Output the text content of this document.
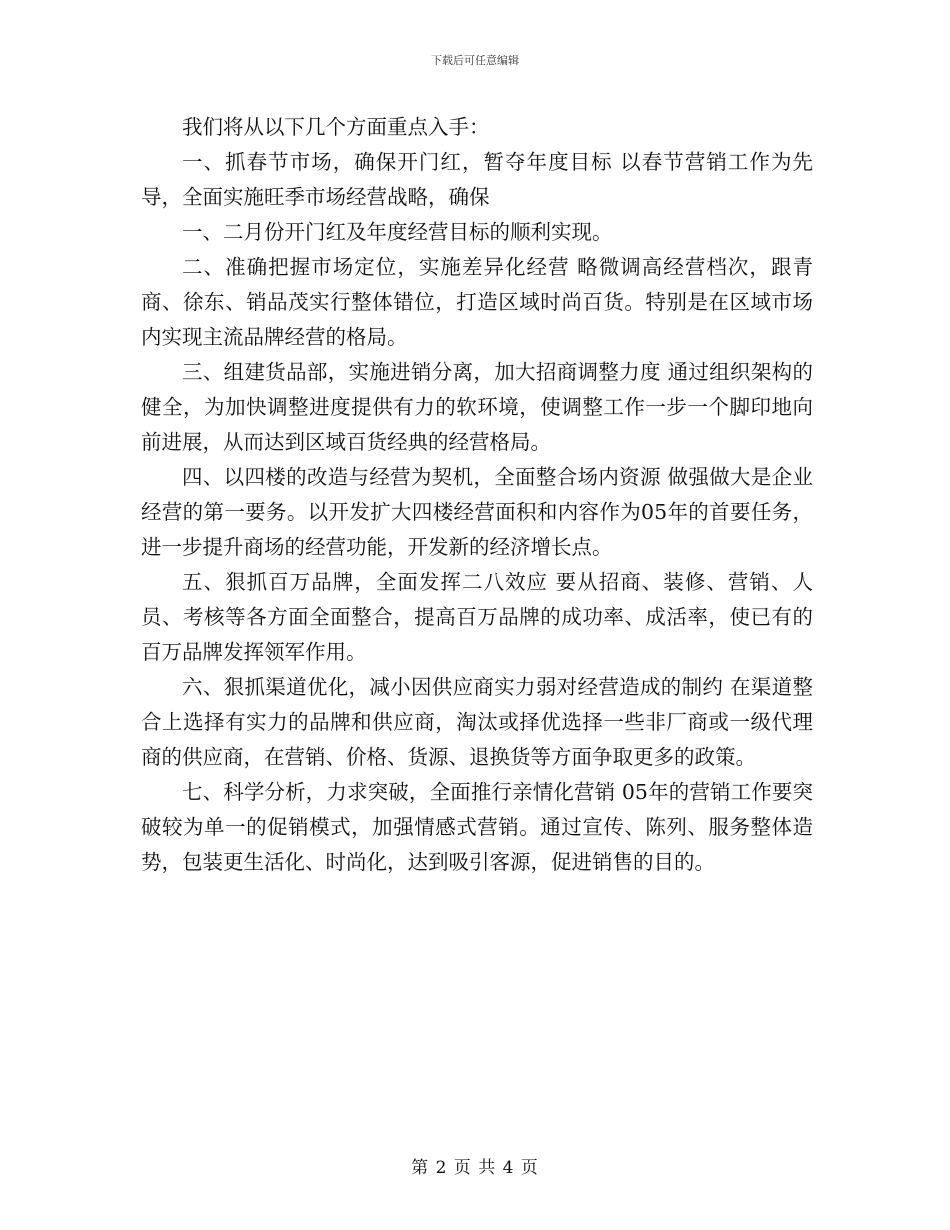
下载后可任意编辑

我们将从以下几个方面重点入手：

一、抓春节市场，确保开门红，暂夺年度目标 以春节营销工作为先导，全面实施旺季市场经营战略，确保

一、二月份开门红及年度经营目标的顺利实现。

二、准确把握市场定位，实施差异化经营 略微调高经营档次，跟青商、徐东、销品茂实行整体错位，打造区域时尚百货。特别是在区域市场内实现主流品牌经营的格局。

三、组建货品部，实施进销分离，加大招商调整力度 通过组织架构的健全，为加快调整进度提供有力的软环境，使调整工作一步一个脚印地向前进展，从而达到区域百货经典的经营格局。

四、以四楼的改造与经营为契机，全面整合场内资源 做强做大是企业经营的第一要务。以开发扩大四楼经营面积和内容作为05年的首要任务，进一步提升商场的经营功能，开发新的经济增长点。

五、狠抓百万品牌，全面发挥二八效应 要从招商、装修、营销、人员、考核等各方面全面整合，提高百万品牌的成功率、成活率，使已有的百万品牌发挥领军作用。

六、狠抓渠道优化，减小因供应商实力弱对经营造成的制约 在渠道整合上选择有实力的品牌和供应商，淘汰或择优选择一些非厂商或一级代理商的供应商，在营销、价格、货源、退换货等方面争取更多的政策。

七、科学分析，力求突破，全面推行亲情化营销 05年的营销工作要突破较为单一的促销模式，加强情感式营销。通过宣传、陈列、服务整体造势，包装更生活化、时尚化，达到吸引客源，促进销售的目的。

第 2 页 共 4 页
